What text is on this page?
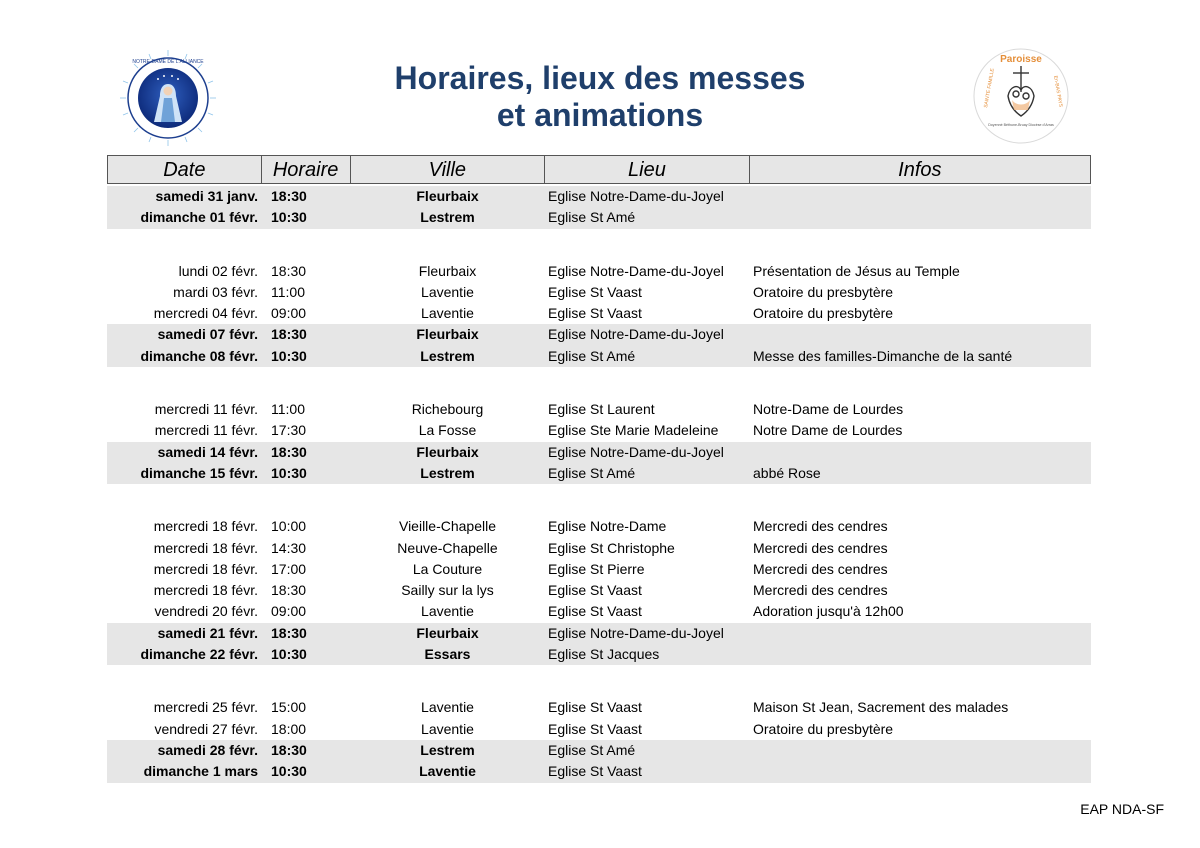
NOTRE-DAME DE L'ALLIANCE	Horaires, lieux des messes
et animations
Paroisse
Doyenné Béthune-Bruay Diocèse d'Arras
SAINTE FAMILLE	En-BAS PAYS
Date	Horaire	Ville	Lieu	Infos
samedi 31 janv. 18:30	Fleurbaix	Eglise Notre-Dame-du-Joyel
dimanche 01 févr. 10:30	Lestrem	Eglise St Amé
lundi 02 févr. 18:30	Fleurbaix	Eglise Notre-Dame-du-Joyel	Présentation de Jésus au Temple
mardi 03 févr. 11:00	Laventie	Eglise St Vaast	Oratoire du presbytère
mercredi 04 févr. 09:00	Laventie	Eglise St Vaast	Oratoire du presbytère
samedi 07 févr. 18:30	Fleurbaix	Eglise Notre-Dame-du-Joyel
dimanche 08 févr. 10:30	Lestrem	Eglise St Amé	Messe des familles-Dimanche de la santé
mercredi 11 févr. 11:00	Richebourg	Eglise St Laurent	Notre-Dame de Lourdes
mercredi 11 févr. 17:30	La Fosse	Eglise Ste Marie Madeleine	Notre Dame de Lourdes
samedi 14 févr. 18:30	Fleurbaix	Eglise Notre-Dame-du-Joyel
dimanche 15 févr. 10:30	Lestrem	Eglise St Amé	abbé Rose
mercredi 18 févr. 10:00	Vieille-Chapelle	Eglise Notre-Dame	Mercredi des cendres
mercredi 18 févr. 14:30	Neuve-Chapelle	Eglise St Christophe	Mercredi des cendres
mercredi 18 févr. 17:00	La Couture	Eglise St Pierre	Mercredi des cendres
mercredi 18 févr. 18:30	Sailly sur la lys	Eglise St Vaast	Mercredi des cendres
vendredi 20 févr. 09:00	Laventie	Eglise St Vaast	Adoration jusqu'à 12h00
samedi 21 févr. 18:30	Fleurbaix	Eglise Notre-Dame-du-Joyel
dimanche 22 févr. 10:30	Essars	Eglise St Jacques
mercredi 25 févr. 15:00	Laventie	Eglise St Vaast	Maison St Jean, Sacrement des malades
vendredi 27 févr. 18:00	Laventie	Eglise St Vaast	Oratoire du presbytère
samedi 28 févr. 18:30	Lestrem	Eglise St Amé
dimanche 1 mars 10:30	Laventie	Eglise St Vaast
EAP NDA-SF
